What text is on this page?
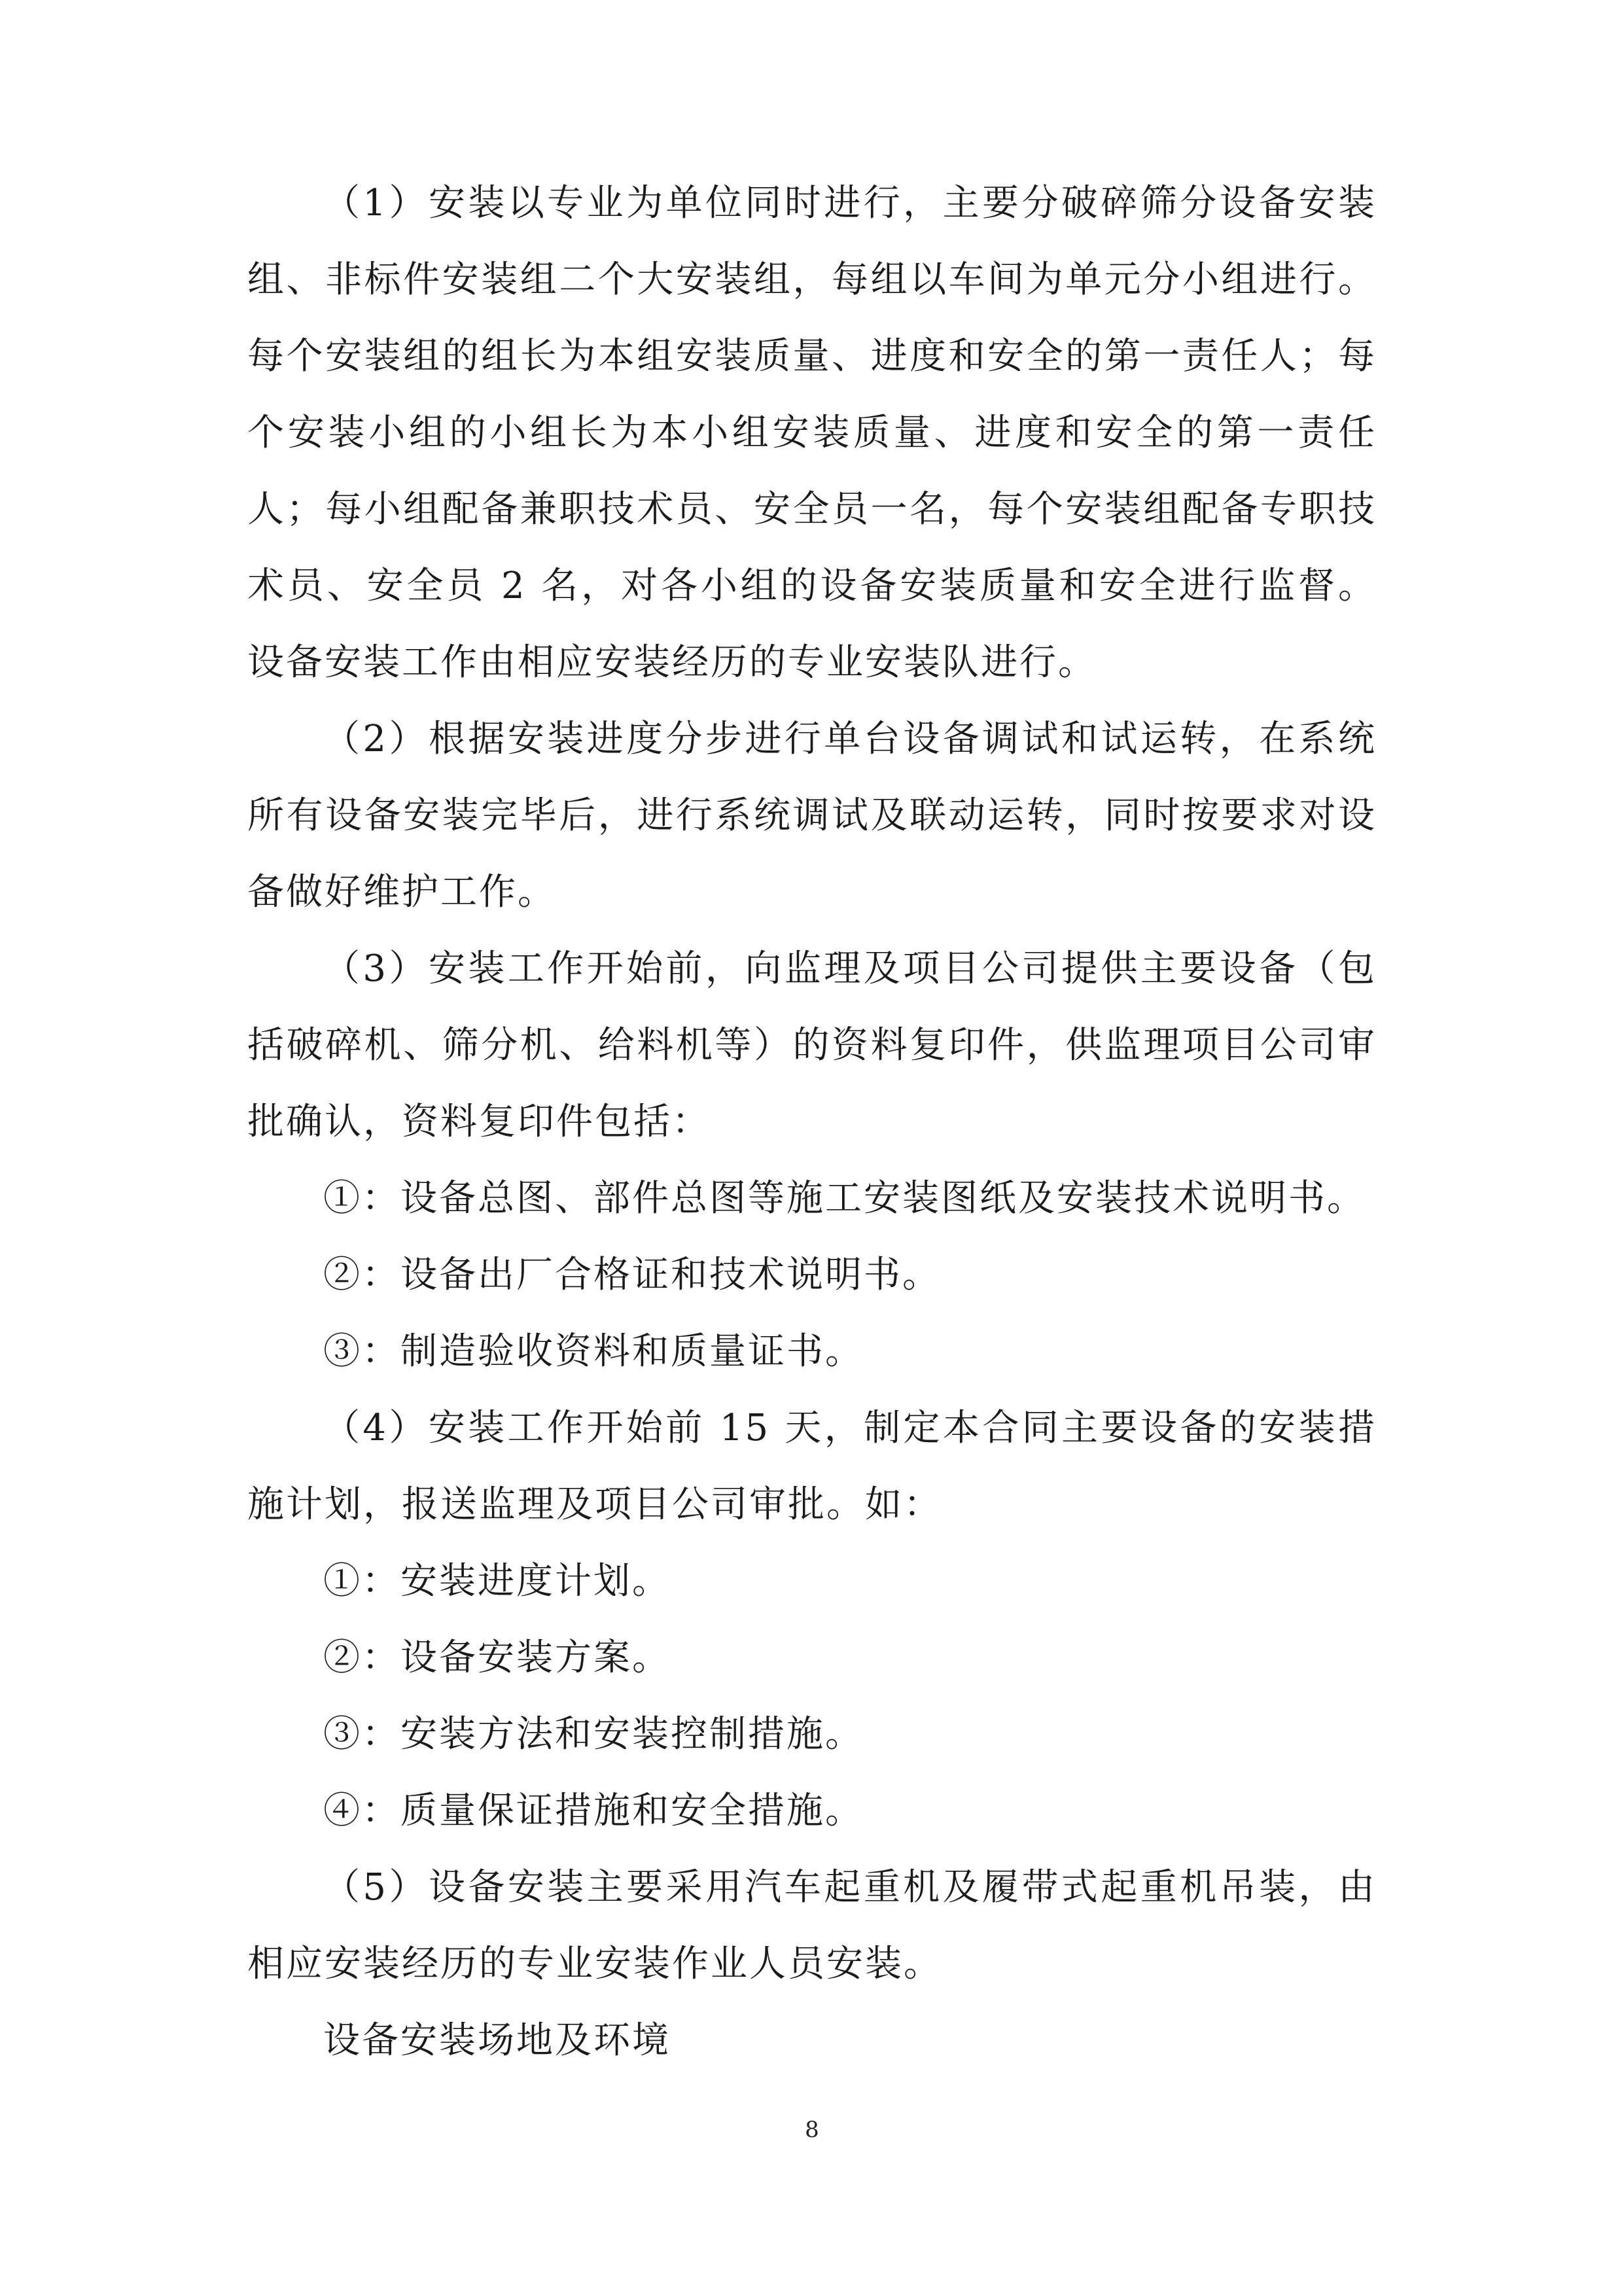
（1）安装以专业为单位同时进行，主要分破碎筛分设备安装组、非标件安装组二个大安装组，每组以车间为单元分小组进行。每个安装组的组长为本组安装质量、进度和安全的第一责任人；每个安装小组的小组长为本小组安装质量、进度和安全的第一责任人；每小组配备兼职技术员、安全员一名，每个安装组配备专职技术员、安全员 2 名，对各小组的设备安装质量和安全进行监督。设备安装工作由相应安装经历的专业安装队进行。

（2）根据安装进度分步进行单台设备调试和试运转，在系统所有设备安装完毕后，进行系统调试及联动运转，同时按要求对设备做好维护工作。

（3）安装工作开始前，向监理及项目公司提供主要设备（包括破碎机、筛分机、给料机等）的资料复印件，供监理项目公司审批确认，资料复印件包括：

①：设备总图、部件总图等施工安装图纸及安装技术说明书。

②：设备出厂合格证和技术说明书。

③：制造验收资料和质量证书。

（4）安装工作开始前 15 天，制定本合同主要设备的安装措施计划，报送监理及项目公司审批。如：

①：安装进度计划。

②：设备安装方案。

③：安装方法和安装控制措施。

④：质量保证措施和安全措施。

（5）设备安装主要采用汽车起重机及履带式起重机吊装，由相应安装经历的专业安装作业人员安装。

设备安装场地及环境

8
